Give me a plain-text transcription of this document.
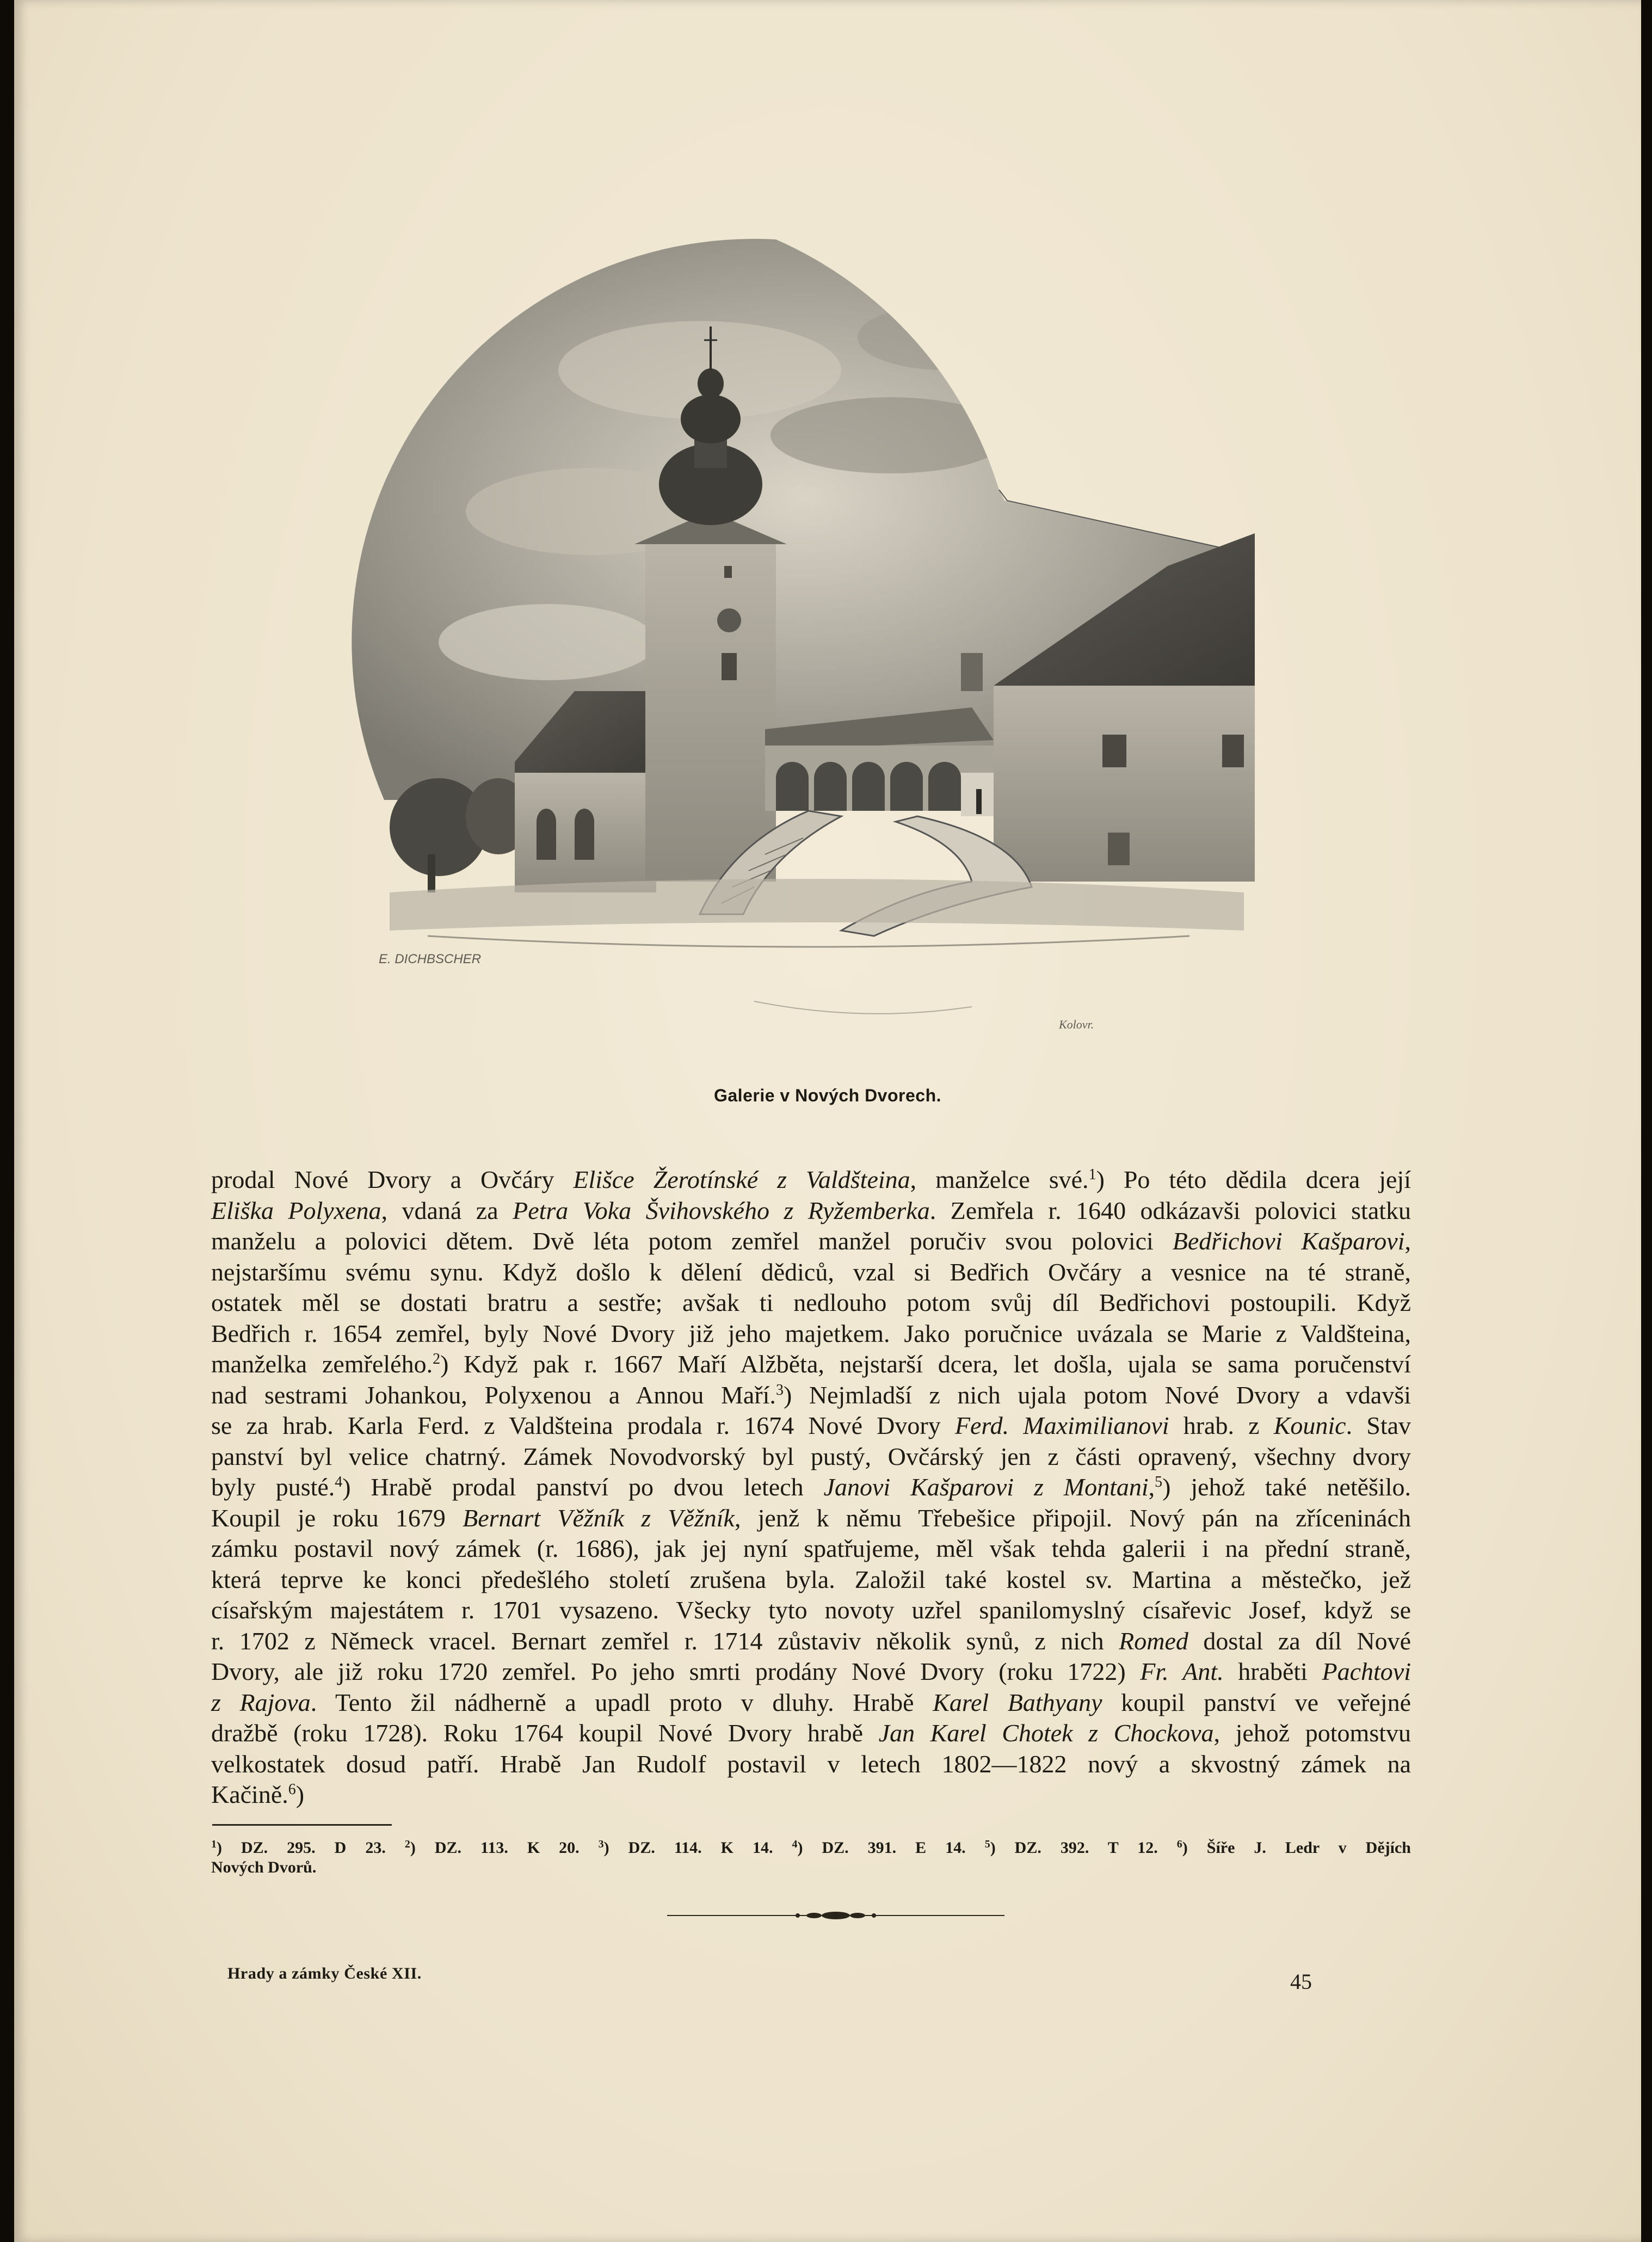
E. DICHBSCHER
Kolovr.
Galerie v Nových Dvorech.
prodal Nové Dvory a Ovčáry Elišce Žerotínské z Valdšteina, manželce své.$^1$) Po této dědila dcera její
Eliška Polyxena, vdaná za Petra Voka Švihovského z Ryžemberka. Zemřela r. 1640 odkázavši polovici statku
manželu a polovici dětem. Dvě léta potom zemřel manžel poručiv svou polovici Bedřichovi Kašparovi,
nejstaršímu svému synu. Když došlo k dělení dědiců, vzal si Bedřich Ovčáry a vesnice na té straně,
ostatek měl se dostati bratru a sestře; avšak ti nedlouho potom svůj díl Bedřichovi postoupili. Když
Bedřich r. 1654 zemřel, byly Nové Dvory již jeho majetkem. Jako poručnice uvázala se Marie z Valdšteina,
manželka zemřelého.$^2$) Když pak r. 1667 Maří Alžběta, nejstarší dcera, let došla, ujala se sama poručenství
nad sestrami Johankou, Polyxenou a Annou Maří.$^3$) Nejmladší z nich ujala potom Nové Dvory a vdavši
se za hrab. Karla Ferd. z Valdšteina prodala r. 1674 Nové Dvory Ferd. Maximilianovi hrab. z Kounic. Stav
panství byl velice chatrný. Zámek Novodvorský byl pustý, Ovčárský jen z části opravený, všechny dvory
byly pusté.$^4$) Hrabě prodal panství po dvou letech Janovi Kašparovi z Montani,$^5$) jehož také netěšilo.
Koupil je roku 1679 Bernart Věžník z Věžník, jenž k němu Třebešice připojil. Nový pán na zříceninách
zámku postavil nový zámek (r. 1686), jak jej nyní spatřujeme, měl však tehda galerii i na přední straně,
která teprve ke konci předešlého století zrušena byla. Založil také kostel sv. Martina a městečko, jež
císařským majestátem r. 1701 vysazeno. Všecky tyto novoty uzřel spanilomyslný císařevic Josef, když se
r. 1702 z Německ vracel. Bernart zemřel r. 1714 zůstaviv několik synů, z nich Romed dostal za díl Nové
Dvory, ale již roku 1720 zemřel. Po jeho smrti prodány Nové Dvory (roku 1722) Fr. Ant. hraběti Pachtovi
z Rajova. Tento žil nádherně a upadl proto v dluhy. Hrabě Karel Bathyany koupil panství ve veřejné
dražbě (roku 1728). Roku 1764 koupil Nové Dvory hrabě Jan Karel Chotek z Chockova, jehož potomstvu
velkostatek dosud patří. Hrabě Jan Rudolf postavil v letech 1802—1822 nový a skvostný zámek na
Kačině.$^6$)
$^1$) DZ. 295. D 23. $^2$) DZ. 113. K 20. $^3$) DZ. 114. K 14. $^4$) DZ. 391. E 14. $^5$) DZ. 392. T 12. $^6$) Šíře J. Ledr v Dějích
Nových Dvorů.
Hrady a zámky České XII.	45
